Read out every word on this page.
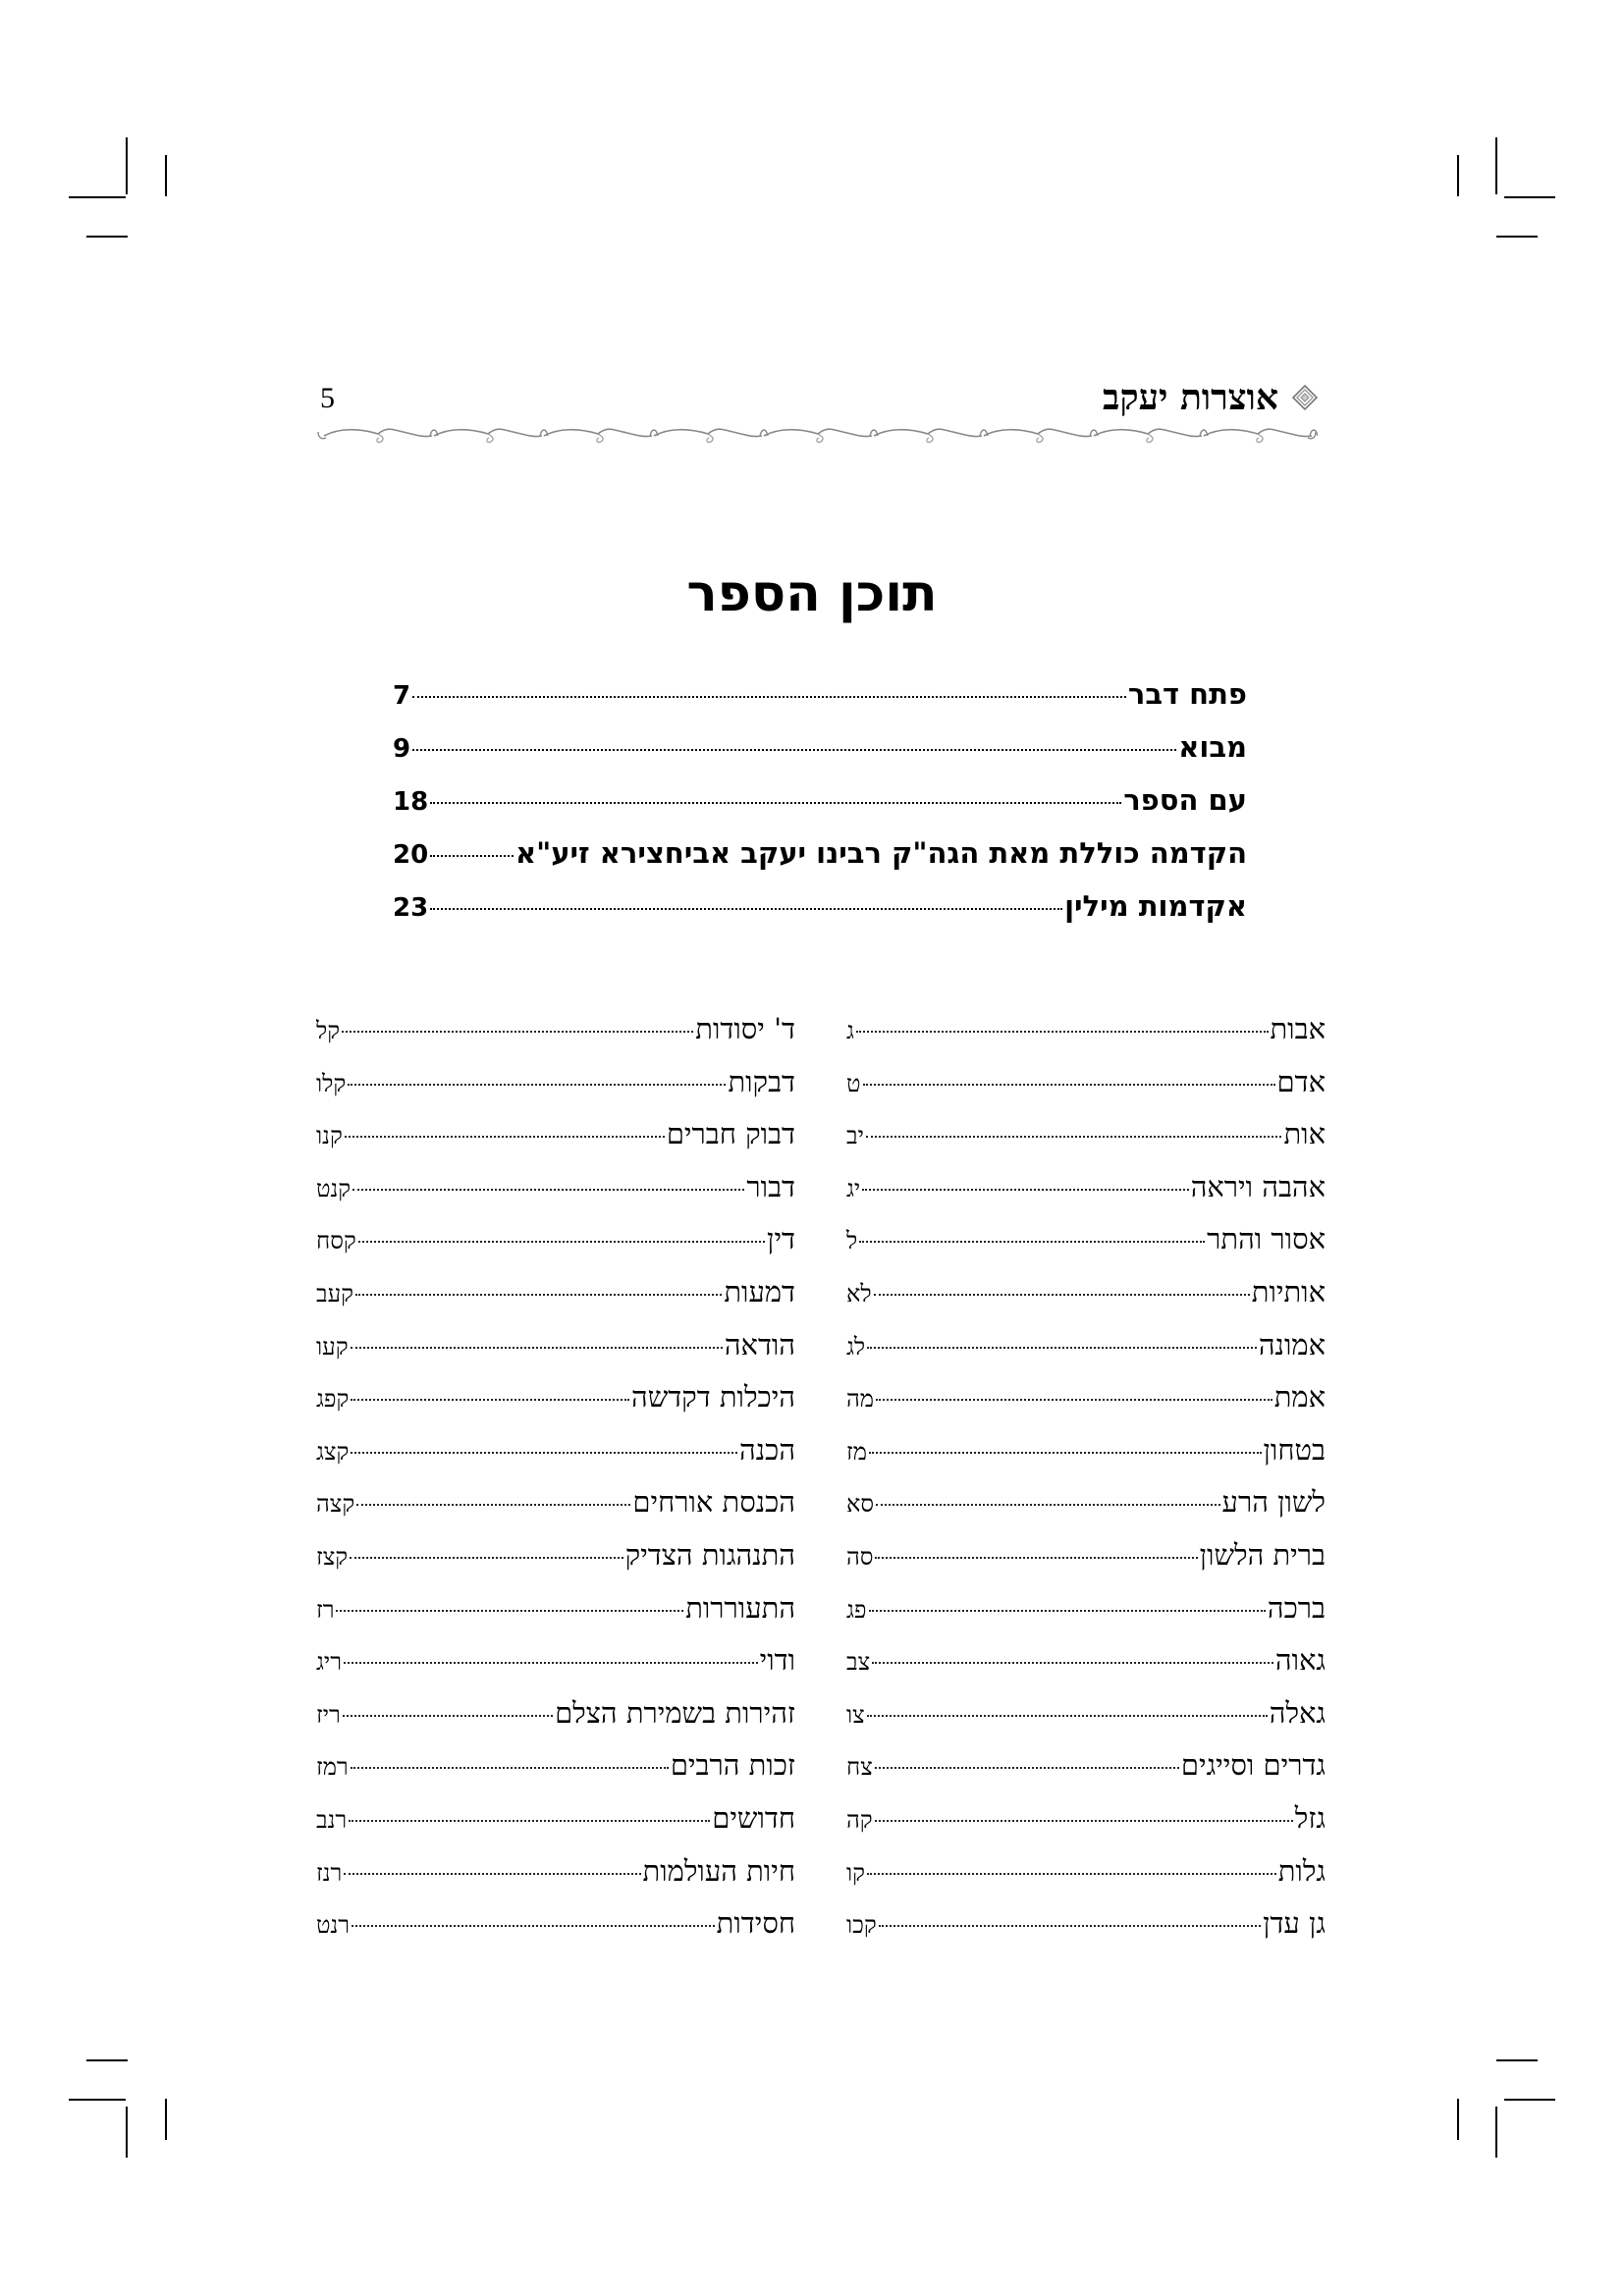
אוצרות יעקב
5
תוכן הספר
פתח דבר
7
מבוא
9
עם הספר
18
הקדמה כוללת מאת הגה"ק רבינו יעקב אביחצירא זיע"א
20
אקדמות מילין
23
אבות
ג
אדם
ט
אות
יב
אהבה ויראה
יג
אסור והתר
ל
אותיות
לא
אמונה
לג
אמת
מה
בטחון
מז
לשון הרע
סא
ברית הלשון
סה
ברכה
פג
גאוה
צב
גאלה
צו
גדרים וסייגים
צח
גזל
קה
גלות
קו
גן עדן
קכו
ד' יסודות
קל
דבקות
קלו
דבוק חברים
קנו
דבור
קנט
דין
קסח
דמעות
קעב
הודאה
קעו
היכלות דקדשה
קפג
הכנה
קצג
הכנסת אורחים
קצה
התנהגות הצדיק
קצז
התעוררות
רז
ודוי
ריג
זהירות בשמירת הצלם
ריז
זכות הרבים
רמז
חדושים
רנב
חיות העולמות
רנז
חסידות
רנט
